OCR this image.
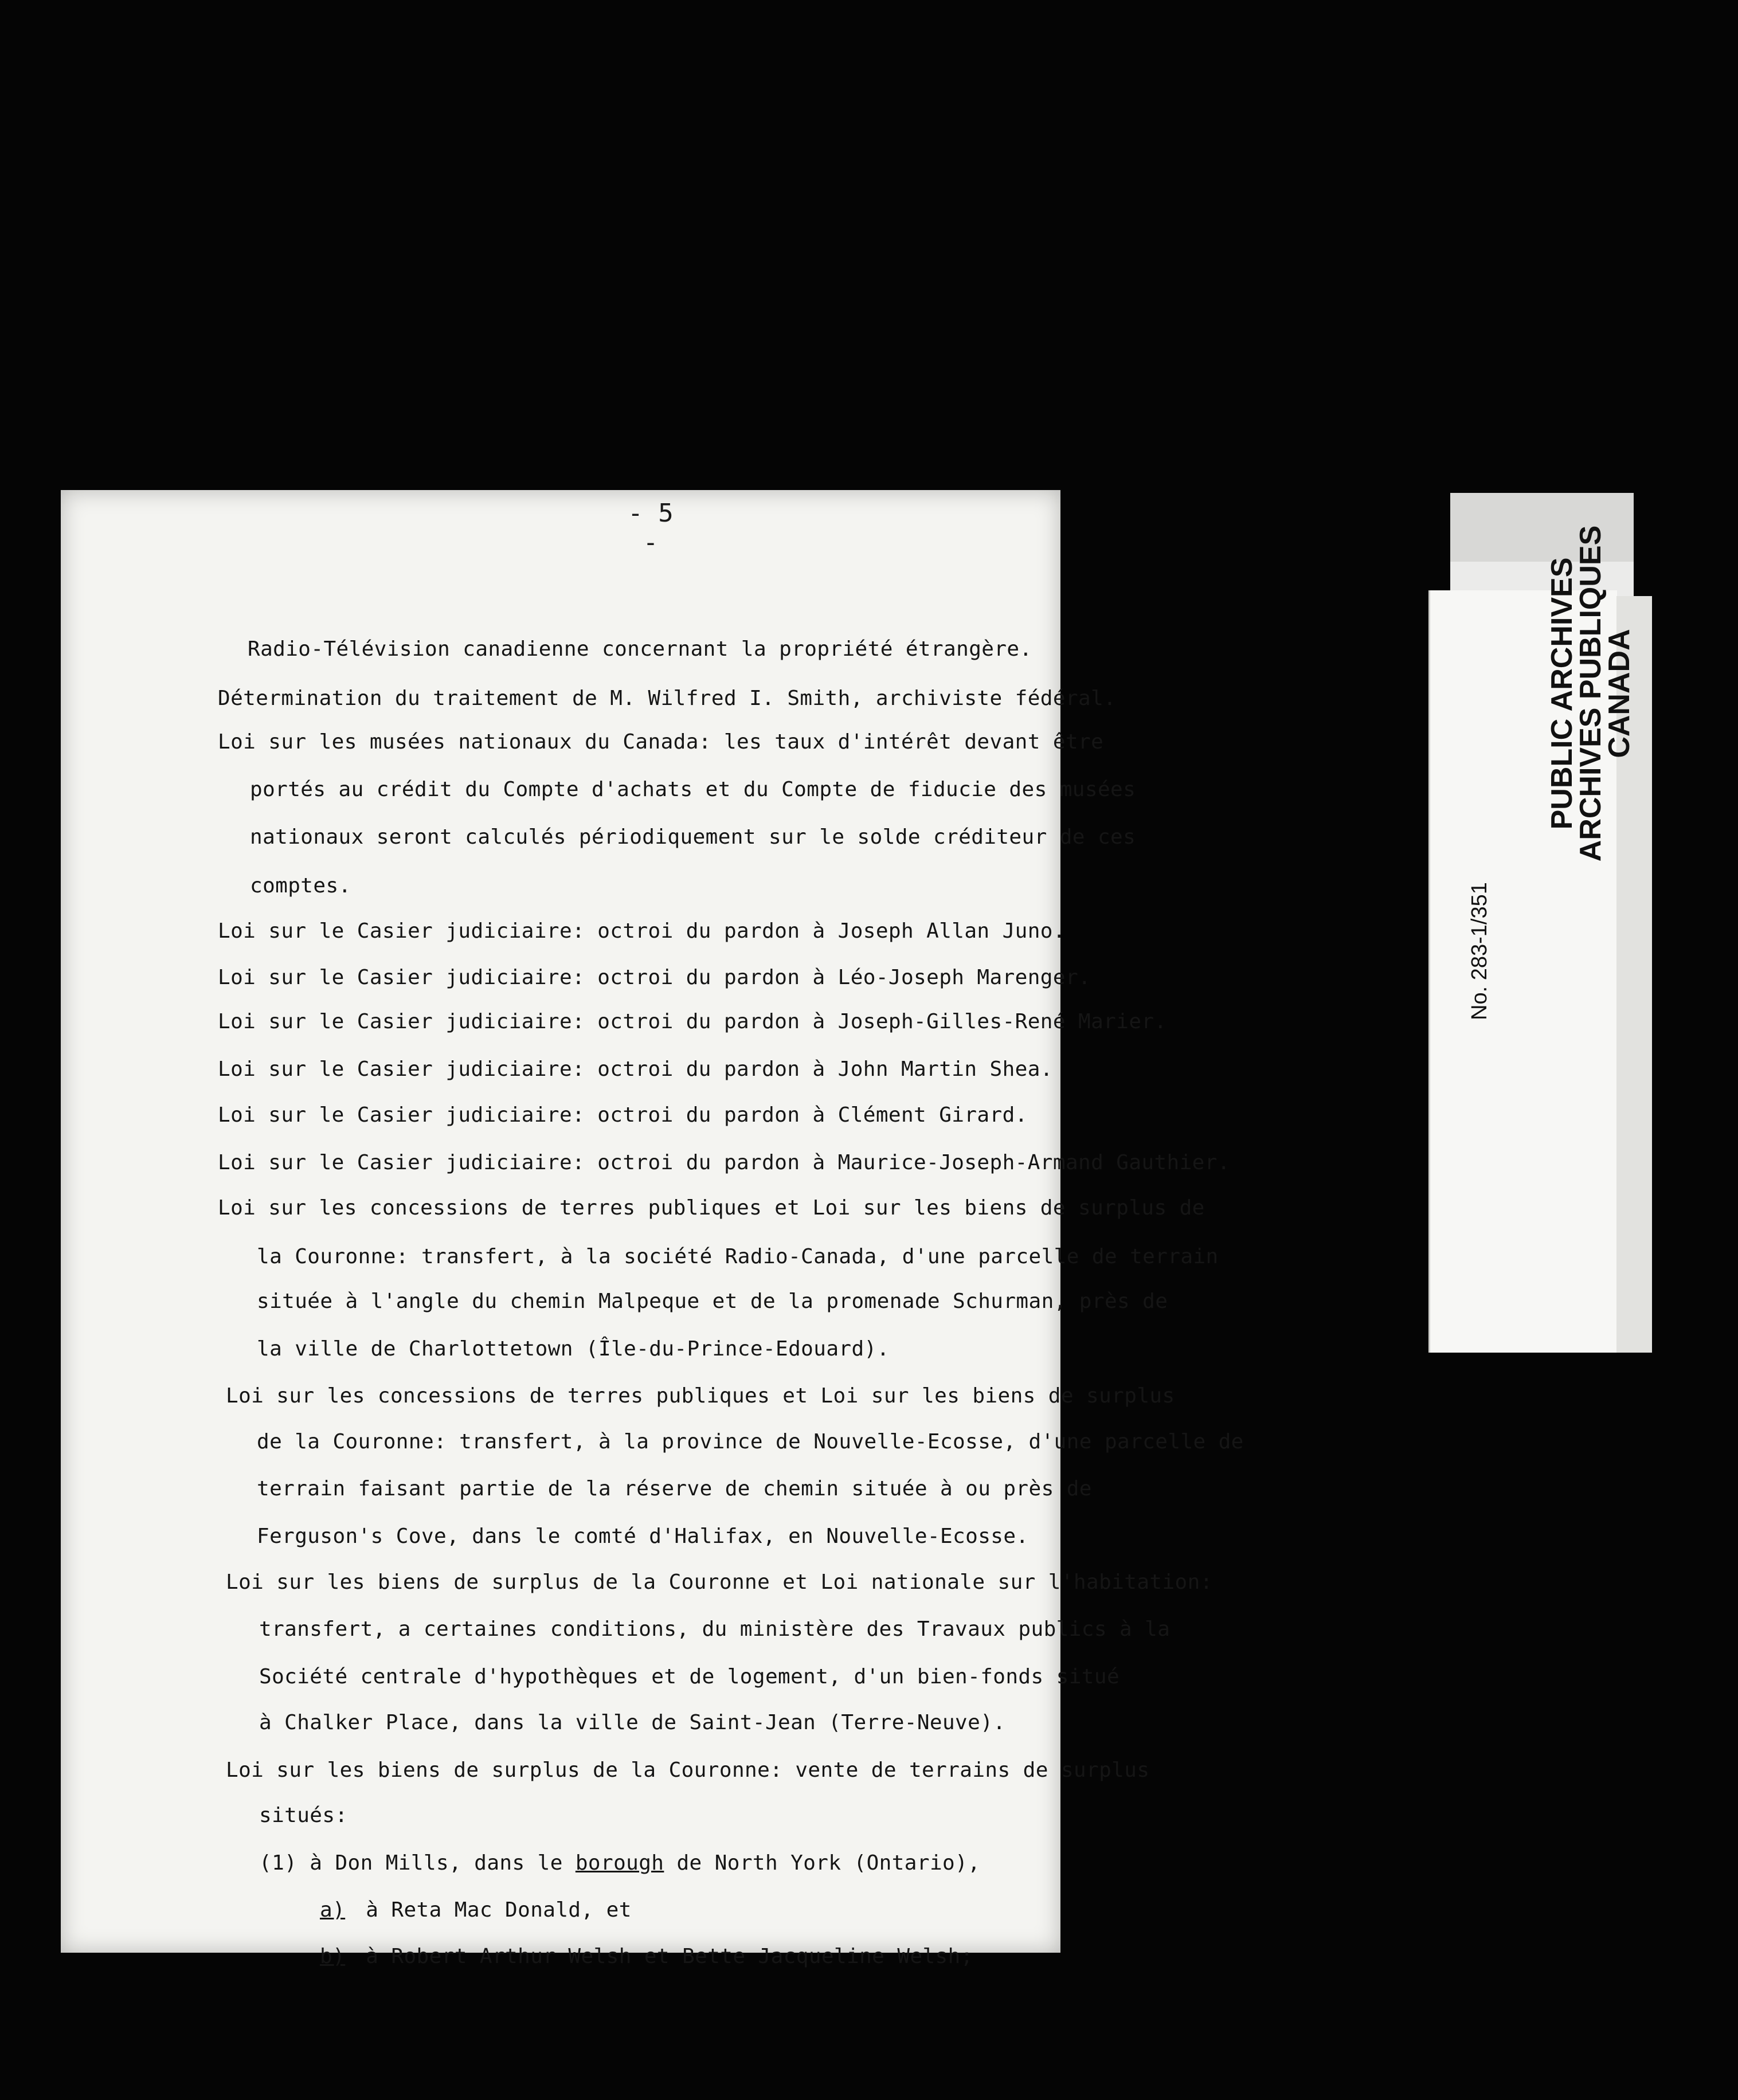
- 5 -
Radio-Télévision canadienne concernant la propriété étrangère.
Détermination du traitement de M. Wilfred I. Smith, archiviste fédéral.
Loi sur les musées nationaux du Canada: les taux d'intérêt devant être
portés au crédit du Compte d'achats et du Compte de fiducie des musées
nationaux seront calculés périodiquement sur le solde créditeur de ces
comptes.
Loi sur le Casier judiciaire: octroi du pardon à Joseph Allan Juno.
Loi sur le Casier judiciaire: octroi du pardon à Léo-Joseph Marenger.
Loi sur le Casier judiciaire: octroi du pardon à Joseph-Gilles-René Marier.
Loi sur le Casier judiciaire: octroi du pardon à John Martin Shea.
Loi sur le Casier judiciaire: octroi du pardon à Clément Girard.
Loi sur le Casier judiciaire: octroi du pardon à Maurice-Joseph-Armand Gauthier.
Loi sur les concessions de terres publiques et Loi sur les biens de surplus de
la Couronne: transfert, à la société Radio-Canada, d'une parcelle de terrain
située à l'angle du chemin Malpeque et de la promenade Schurman, près de
la ville de Charlottetown (Île-du-Prince-Edouard).
Loi sur les concessions de terres publiques et Loi sur les biens de surplus
de la Couronne: transfert, à la province de Nouvelle-Ecosse, d'une parcelle de
terrain faisant partie de la réserve de chemin située à ou près de
Ferguson's Cove, dans le comté d'Halifax, en Nouvelle-Ecosse.
Loi sur les biens de surplus de la Couronne et Loi nationale sur l'habitation:
transfert, a certaines conditions, du ministère des Travaux publics à la
Société centrale d'hypothèques et de logement, d'un bien-fonds situé
à Chalker Place, dans la ville de Saint-Jean (Terre-Neuve).
Loi sur les biens de surplus de la Couronne: vente de terrains de surplus
situés:
(1) à Don Mills, dans le borough de North York (Ontario),
a) à Reta Mac Donald, et
b) à Robert Arthur Welsh et Bette Jacqueline Welsh;
PUBLIC ARCHIVES
ARCHIVES PUBLIQUES
CANADA
No. 283-1/351
